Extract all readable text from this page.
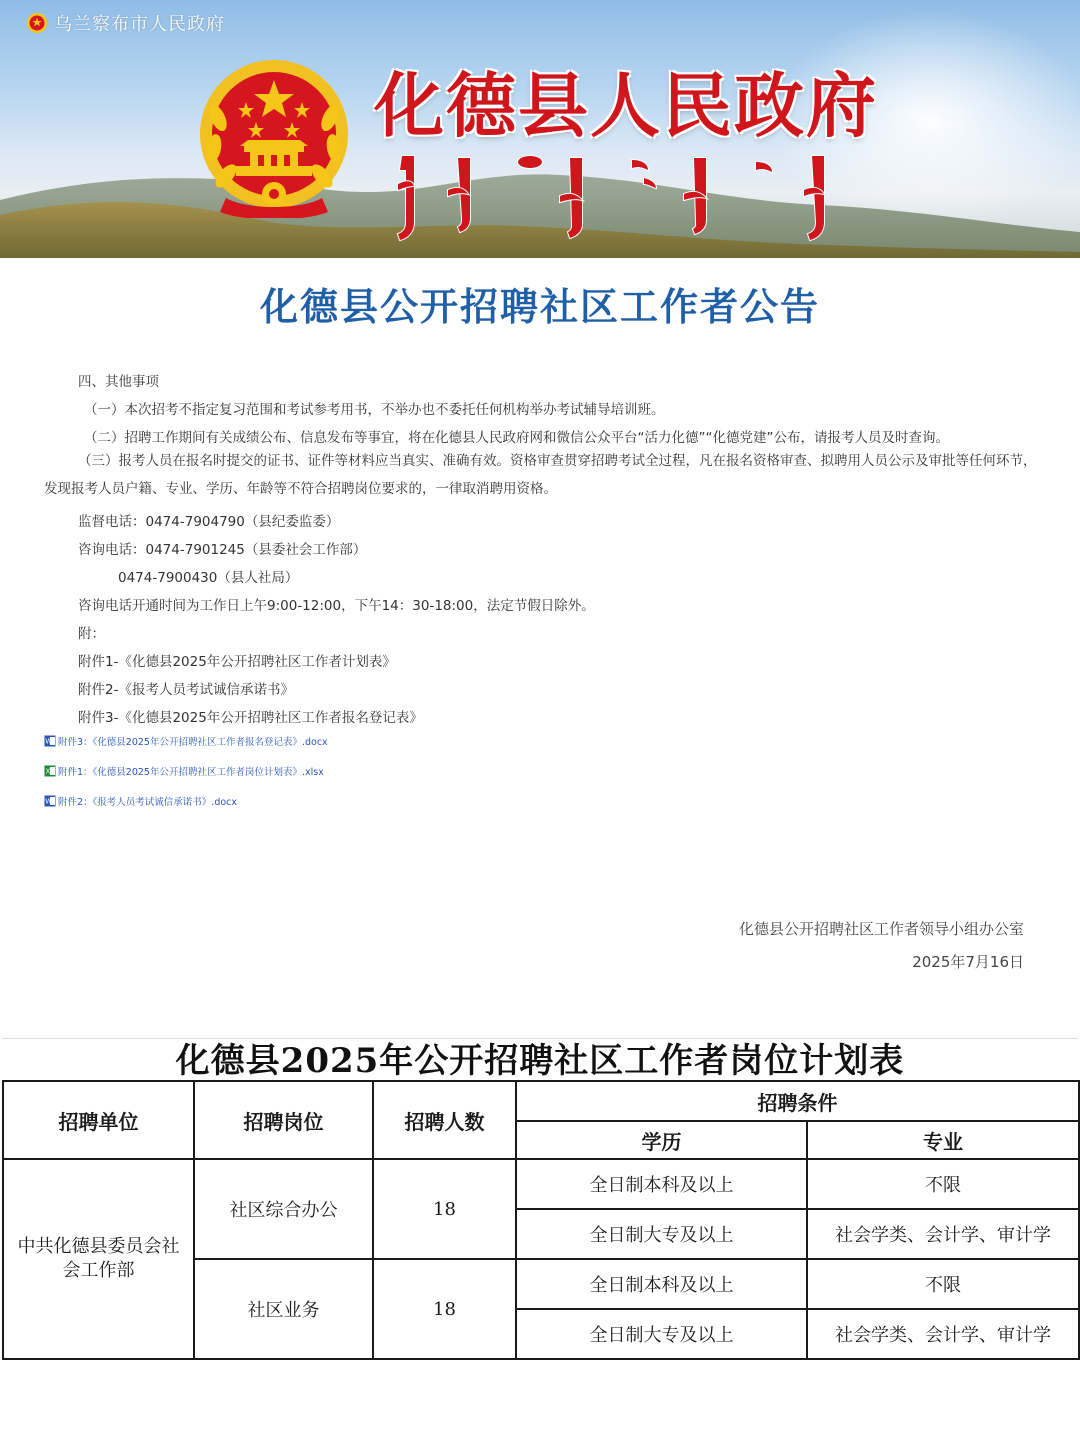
乌兰察布市人民政府
化德县人民政府
化德县公开招聘社区工作者公告
四、其他事项
（一）本次招考不指定复习范围和考试参考用书，不举办也不委托任何机构举办考试辅导培训班。
（二）招聘工作期间有关成绩公布、信息发布等事宜，将在化德县人民政府网和微信公众平台“活力化德”“化德党建”公布，请报考人员及时查询。
（三）报考人员在报名时提交的证书、证件等材料应当真实、准确有效。资格审查贯穿招聘考试全过程，凡在报名资格审查、拟聘用人员公示及审批等任何环节，发现报考人员户籍、专业、学历、年龄等不符合招聘岗位要求的，一律取消聘用资格。
监督电话：0474-7904790（县纪委监委）
咨询电话：0474-7901245（县委社会工作部）
0474-7900430（县人社局）
咨询电话开通时间为工作日上午9:00-12:00，下午14：30-18:00，法定节假日除外。
附：
附件1-《化德县2025年公开招聘社区工作者计划表》
附件2-《报考人员考试诚信承诺书》
附件3-《化德县2025年公开招聘社区工作者报名登记表》
W 附件3：《化德县2025年公开招聘社区工作者报名登记表》.docx
X 附件1：《化德县2025年公开招聘社区工作者岗位计划表》.xlsx
W 附件2：《报考人员考试诚信承诺书》.docx
化德县公开招聘社区工作者领导小组办公室
2025年7月16日
化德县2025年公开招聘社区工作者岗位计划表
招聘单位	招聘岗位	招聘人数	招聘条件	
			学历	专业
中共化德县委员会社会工作部	社区综合办公	18	全日制本科及以上	不限
			全日制大专及以上	社会学类、会计学、审计学
	社区业务	18	全日制本科及以上	不限
			全日制大专及以上	社会学类、会计学、审计学
